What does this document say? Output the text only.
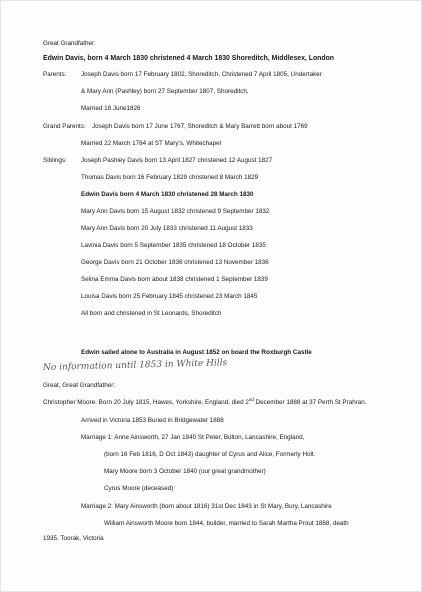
Great Grandfather:
Edwin Davis, born 4 March 1830 christened 4 March 1830 Shoreditch, Middlesex, London
Parents: Joseph Davis born 17 February 1802, Shoreditch, Christened 7 April 1805, Undertaker
& Mary Ann (Pashley) born 27 September 1807, Shoreditch,
Married 18 June1826
Grand Parents: Joseph Davis born 17 June 1767, Shoreditch & Mary Barrett born about 1769
Married 22 March 1784 at ST Mary's, Whitechapel
Siblings: Joseph Pashley Davis born 13 April 1827 christened 12 August 1827
Thomas Davis born 16 February 1829 christened 8 March 1829
Edwin Davis born 4 March 1830 christened 28 March 1830
Mary Ann Davis born 15 August 1832 christened 9 September 1832
Mary Ann Davis born 20 July 1833 christened 11 August 1833
Lavinia Davis born 5 September 1835 christened 18 October 1835
George Davis born 21 October 1836 christened 13 November 1836
Selina Emma Davis born about 1838 christened 1 September 1839
Louisa Davis born 25 February 1845 christened 23 March 1845
All born and christened in St Leonards, Shoreditch
Edwin sailed alone to Australia in August 1852 on board the Roxburgh Castle
No information until 1853 in White Hills
Great, Great Grandfather:
Christopher Moore: Born 20 July 1815, Hawes, Yorkshire, England, died 2nd December 1888 at 37 Perth St Prahran.
Arrived in Victoria 1853 Buried in Bridgewater 1888
Marriage 1: Anne Ainsworth, 27 Jan 1840 St Peter, Bolton, Lancashire, England,
(born 16 Feb 1816, D Oct 1843) daughter of Cyrus and Alice, Formerly Holt.
Mary Moore born 3 October 1840 (our great grandmother)
Cyrus Moore (deceased)
Marriage 2: Mary Ainsworth (born about 1816) 31st Dec 1843 in St Mary, Bury, Lancashire
William Ainsworth Moore born 1844, builder, married to Sarah Martha Prout 1868, death
1935, Toorak, Victoria
